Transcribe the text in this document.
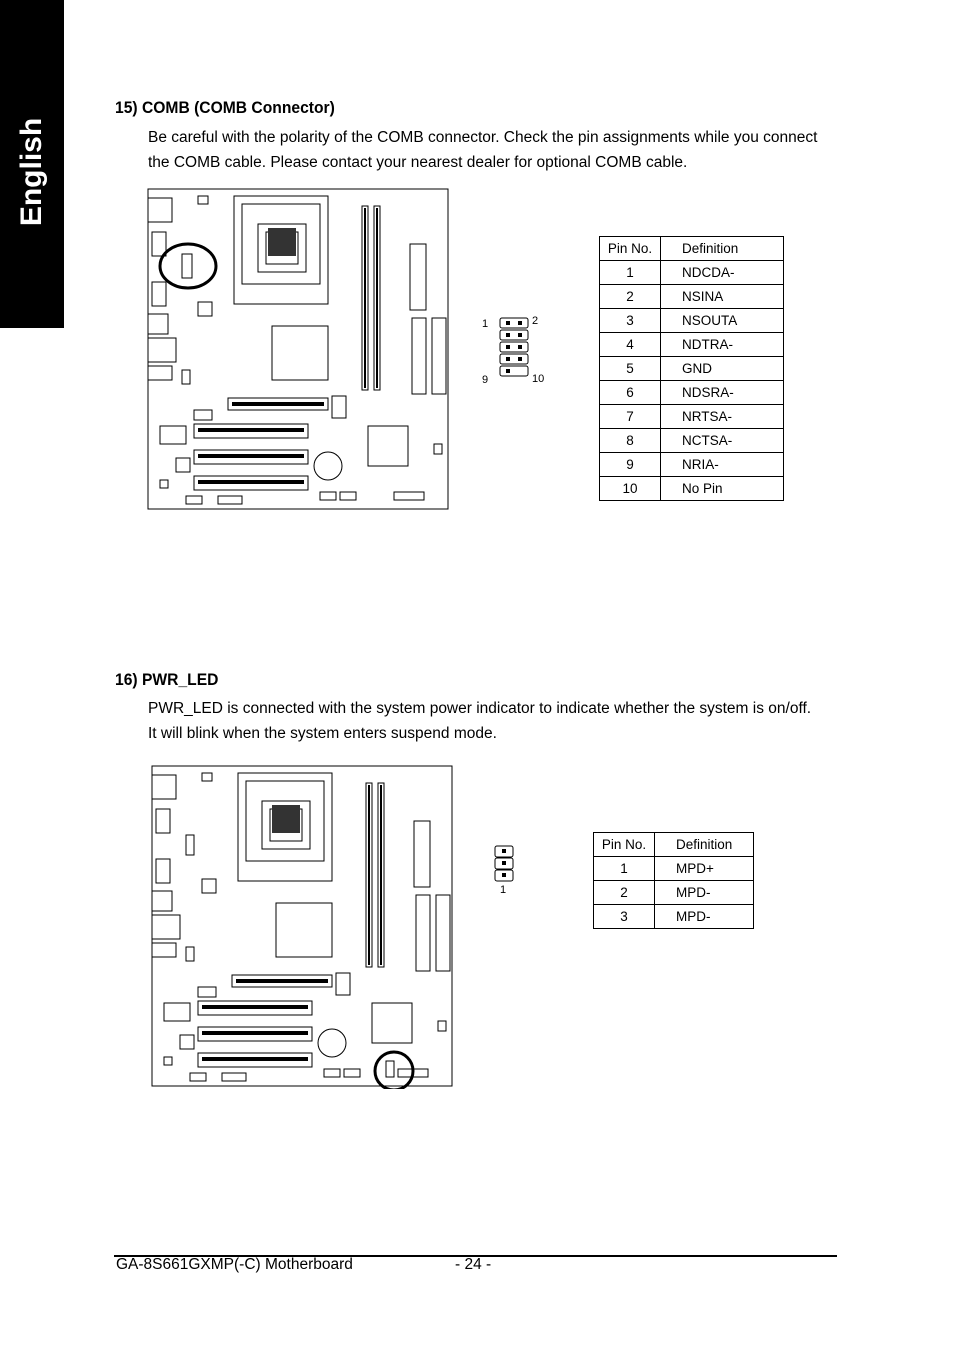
English
15) COMB (COMB Connector)
Be careful with the polarity of the COMB connector. Check the pin assignments while you connect
the COMB cable. Please contact your nearest dealer for optional COMB cable.
1	2
9	10
Pin No.	Definition
1	NDCDA-
2	NSINA
3	NSOUTA
4	NDTRA-
5	GND
6	NDSRA-
7	NRTSA-
8	NCTSA-
9	NRIA-
10	No Pin
16) PWR_LED
PWR_LED is connected with the system power indicator to indicate whether the system is on/off.
It will blink when the system enters suspend mode.
1
Pin No.	Definition
1	MPD+
2	MPD-
3	MPD-
GA-8S661GXMP(-C) Motherboard	- 24 -
